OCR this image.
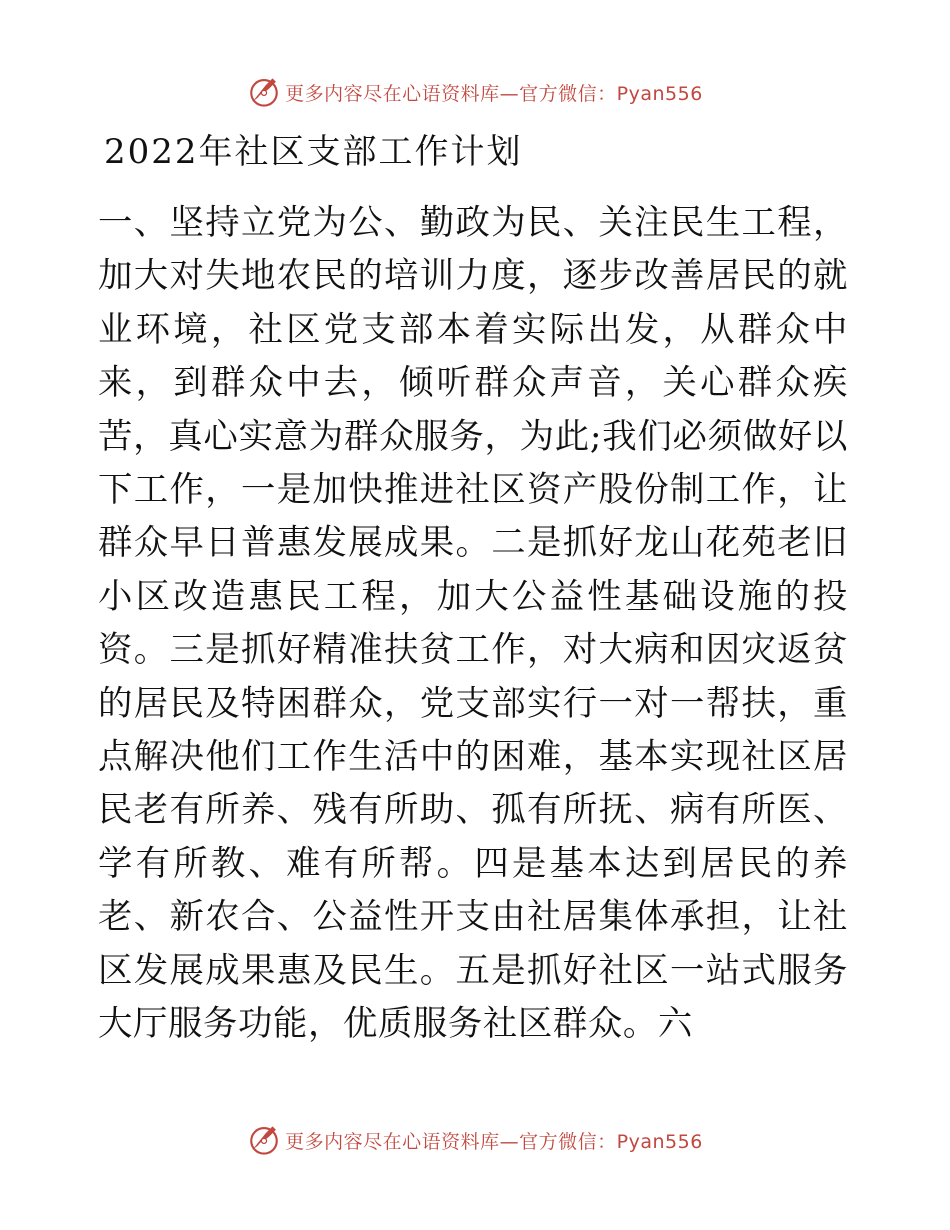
更多内容尽在心语资料库—官方微信：Pyan556
2022年社区支部工作计划

一、坚持立党为公、勤政为民、关注民生工程，加大对失地农民的培训力度，逐步改善居民的就业环境，社区党支部本着实际出发，从群众中来，到群众中去，倾听群众声音，关心群众疾苦，真心实意为群众服务，为此;我们必须做好以下工作，一是加快推进社区资产股份制工作，让群众早日普惠发展成果。二是抓好龙山花苑老旧小区改造惠民工程，加大公益性基础设施的投资。三是抓好精准扶贫工作，对大病和因灾返贫的居民及特困群众，党支部实行一对一帮扶，重点解决他们工作生活中的困难，基本实现社区居民老有所养、残有所助、孤有所抚、病有所医、学有所教、难有所帮。四是基本达到居民的养老、新农合、公益性开支由社居集体承担，让社区发展成果惠及民生。五是抓好社区一站式服务大厅服务功能，优质服务社区群众。六

更多内容尽在心语资料库—官方微信：Pyan556
